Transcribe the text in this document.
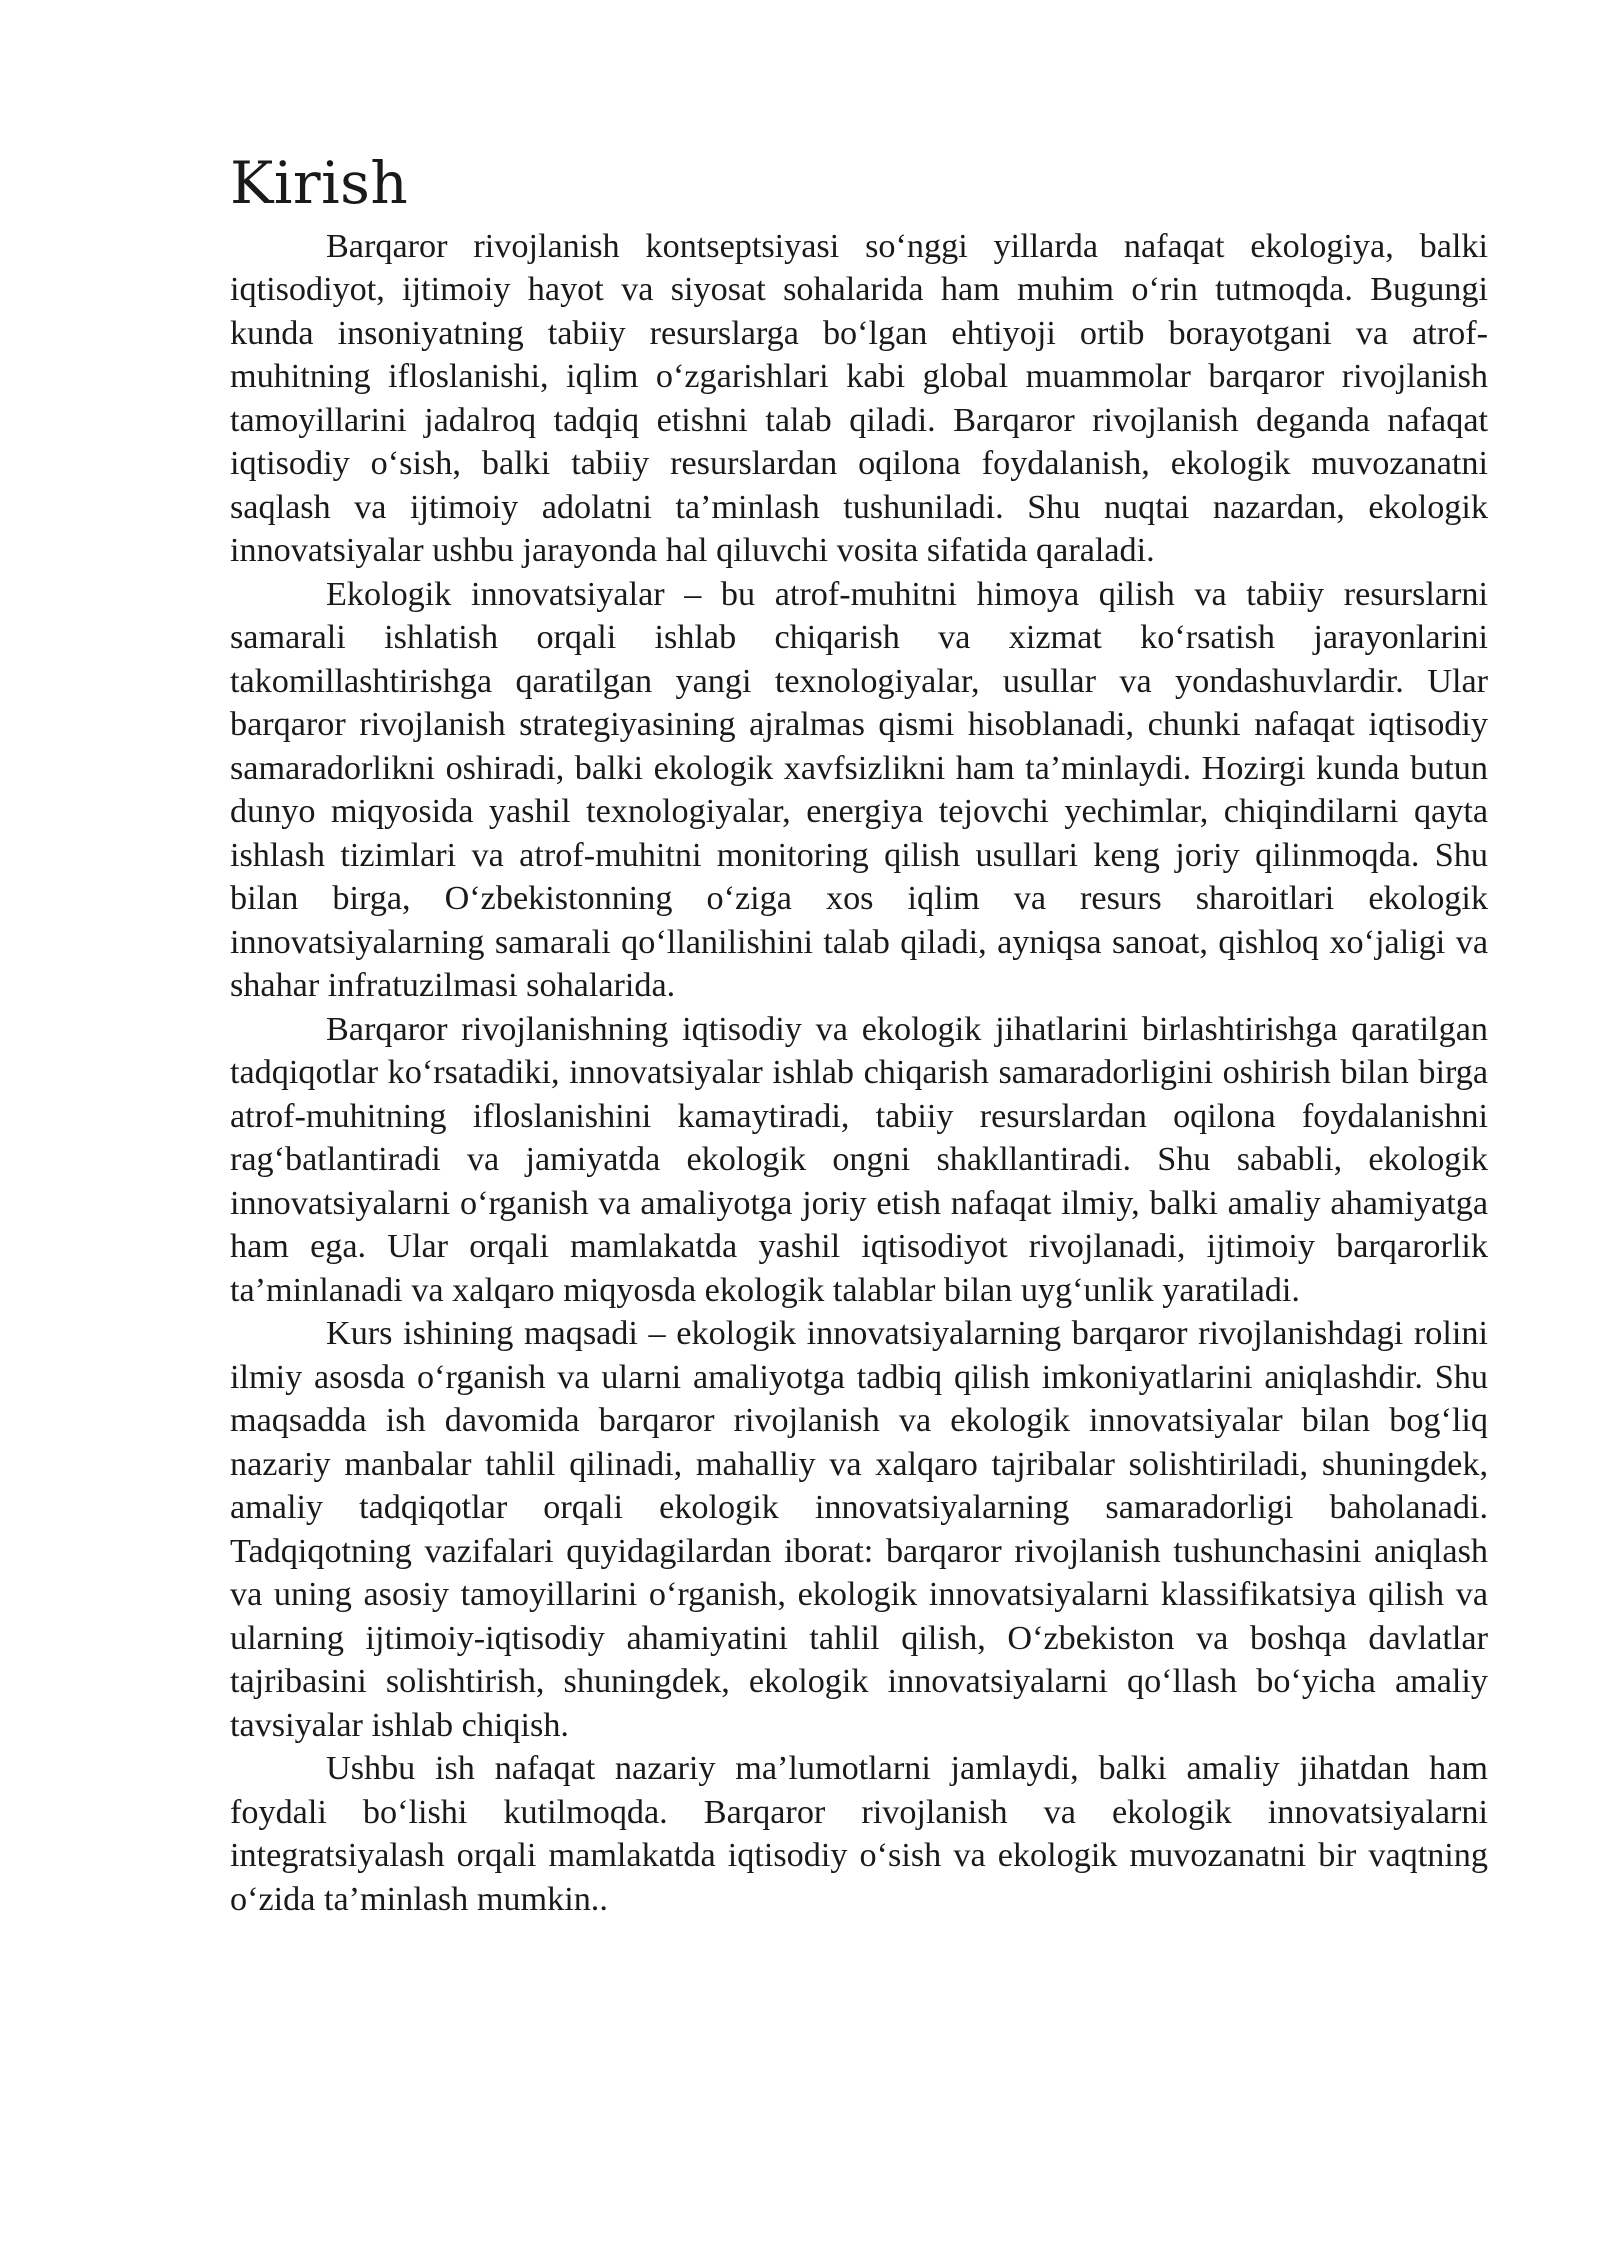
Kirish

Barqaror rivojlanish kontseptsiyasi so‘nggi yillarda nafaqat ekologiya, balki iqtisodiyot, ijtimoiy hayot va siyosat sohalarida ham muhim o‘rin tutmoqda. Bugungi kunda insoniyatning tabiiy resurslarga bo‘lgan ehtiyoji ortib borayotgani va atrof-muhitning ifloslanishi, iqlim o‘zgarishlari kabi global muammolar barqaror rivojlanish tamoyillarini jadalroq tadqiq etishni talab qiladi. Barqaror rivojlanish deganda nafaqat iqtisodiy o‘sish, balki tabiiy resurslardan oqilona foydalanish, ekologik muvozanatni saqlash va ijtimoiy adolatni ta’minlash tushuniladi. Shu nuqtai nazardan, ekologik innovatsiyalar ushbu jarayonda hal qiluvchi vosita sifatida qaraladi.

Ekologik innovatsiyalar – bu atrof-muhitni himoya qilish va tabiiy resurslarni samarali ishlatish orqali ishlab chiqarish va xizmat ko‘rsatish jarayonlarini takomillashtirishga qaratilgan yangi texnologiyalar, usullar va yondashuvlardir. Ular barqaror rivojlanish strategiyasining ajralmas qismi hisoblanadi, chunki nafaqat iqtisodiy samaradorlikni oshiradi, balki ekologik xavfsizlikni ham ta’minlaydi. Hozirgi kunda butun dunyo miqyosida yashil texnologiyalar, energiya tejovchi yechimlar, chiqindilarni qayta ishlash tizimlari va atrof-muhitni monitoring qilish usullari keng joriy qilinmoqda. Shu bilan birga, O‘zbekistonning o‘ziga xos iqlim va resurs sharoitlari ekologik innovatsiyalarning samarali qo‘llanilishini talab qiladi, ayniqsa sanoat, qishloq xo‘jaligi va shahar infratuzilmasi sohalarida.

Barqaror rivojlanishning iqtisodiy va ekologik jihatlarini birlashtirishga qaratilgan tadqiqotlar ko‘rsatadiki, innovatsiyalar ishlab chiqarish samaradorligini oshirish bilan birga atrof-muhitning ifloslanishini kamaytiradi, tabiiy resurslardan oqilona foydalanishni rag‘batlantiradi va jamiyatda ekologik ongni shakllantiradi. Shu sababli, ekologik innovatsiyalarni o‘rganish va amaliyotga joriy etish nafaqat ilmiy, balki amaliy ahamiyatga ham ega. Ular orqali mamlakatda yashil iqtisodiyot rivojlanadi, ijtimoiy barqarorlik ta’minlanadi va xalqaro miqyosda ekologik talablar bilan uyg‘unlik yaratiladi.

Kurs ishining maqsadi – ekologik innovatsiyalarning barqaror rivojlanishdagi rolini ilmiy asosda o‘rganish va ularni amaliyotga tadbiq qilish imkoniyatlarini aniqlashdir. Shu maqsadda ish davomida barqaror rivojlanish va ekologik innovatsiyalar bilan bog‘liq nazariy manbalar tahlil qilinadi, mahalliy va xalqaro tajribalar solishtiriladi, shuningdek, amaliy tadqiqotlar orqali ekologik innovatsiyalarning samaradorligi baholanadi. Tadqiqotning vazifalari quyidagilardan iborat: barqaror rivojlanish tushunchasini aniqlash va uning asosiy tamoyillarini o‘rganish, ekologik innovatsiyalarni klassifikatsiya qilish va ularning ijtimoiy-iqtisodiy ahamiyatini tahlil qilish, O‘zbekiston va boshqa davlatlar tajribasini solishtirish, shuningdek, ekologik innovatsiyalarni qo‘llash bo‘yicha amaliy tavsiyalar ishlab chiqish.

Ushbu ish nafaqat nazariy ma’lumotlarni jamlaydi, balki amaliy jihatdan ham foydali bo‘lishi kutilmoqda. Barqaror rivojlanish va ekologik innovatsiyalarni integratsiyalash orqali mamlakatda iqtisodiy o‘sish va ekologik muvozanatni bir vaqtning o‘zida ta’minlash mumkin..
